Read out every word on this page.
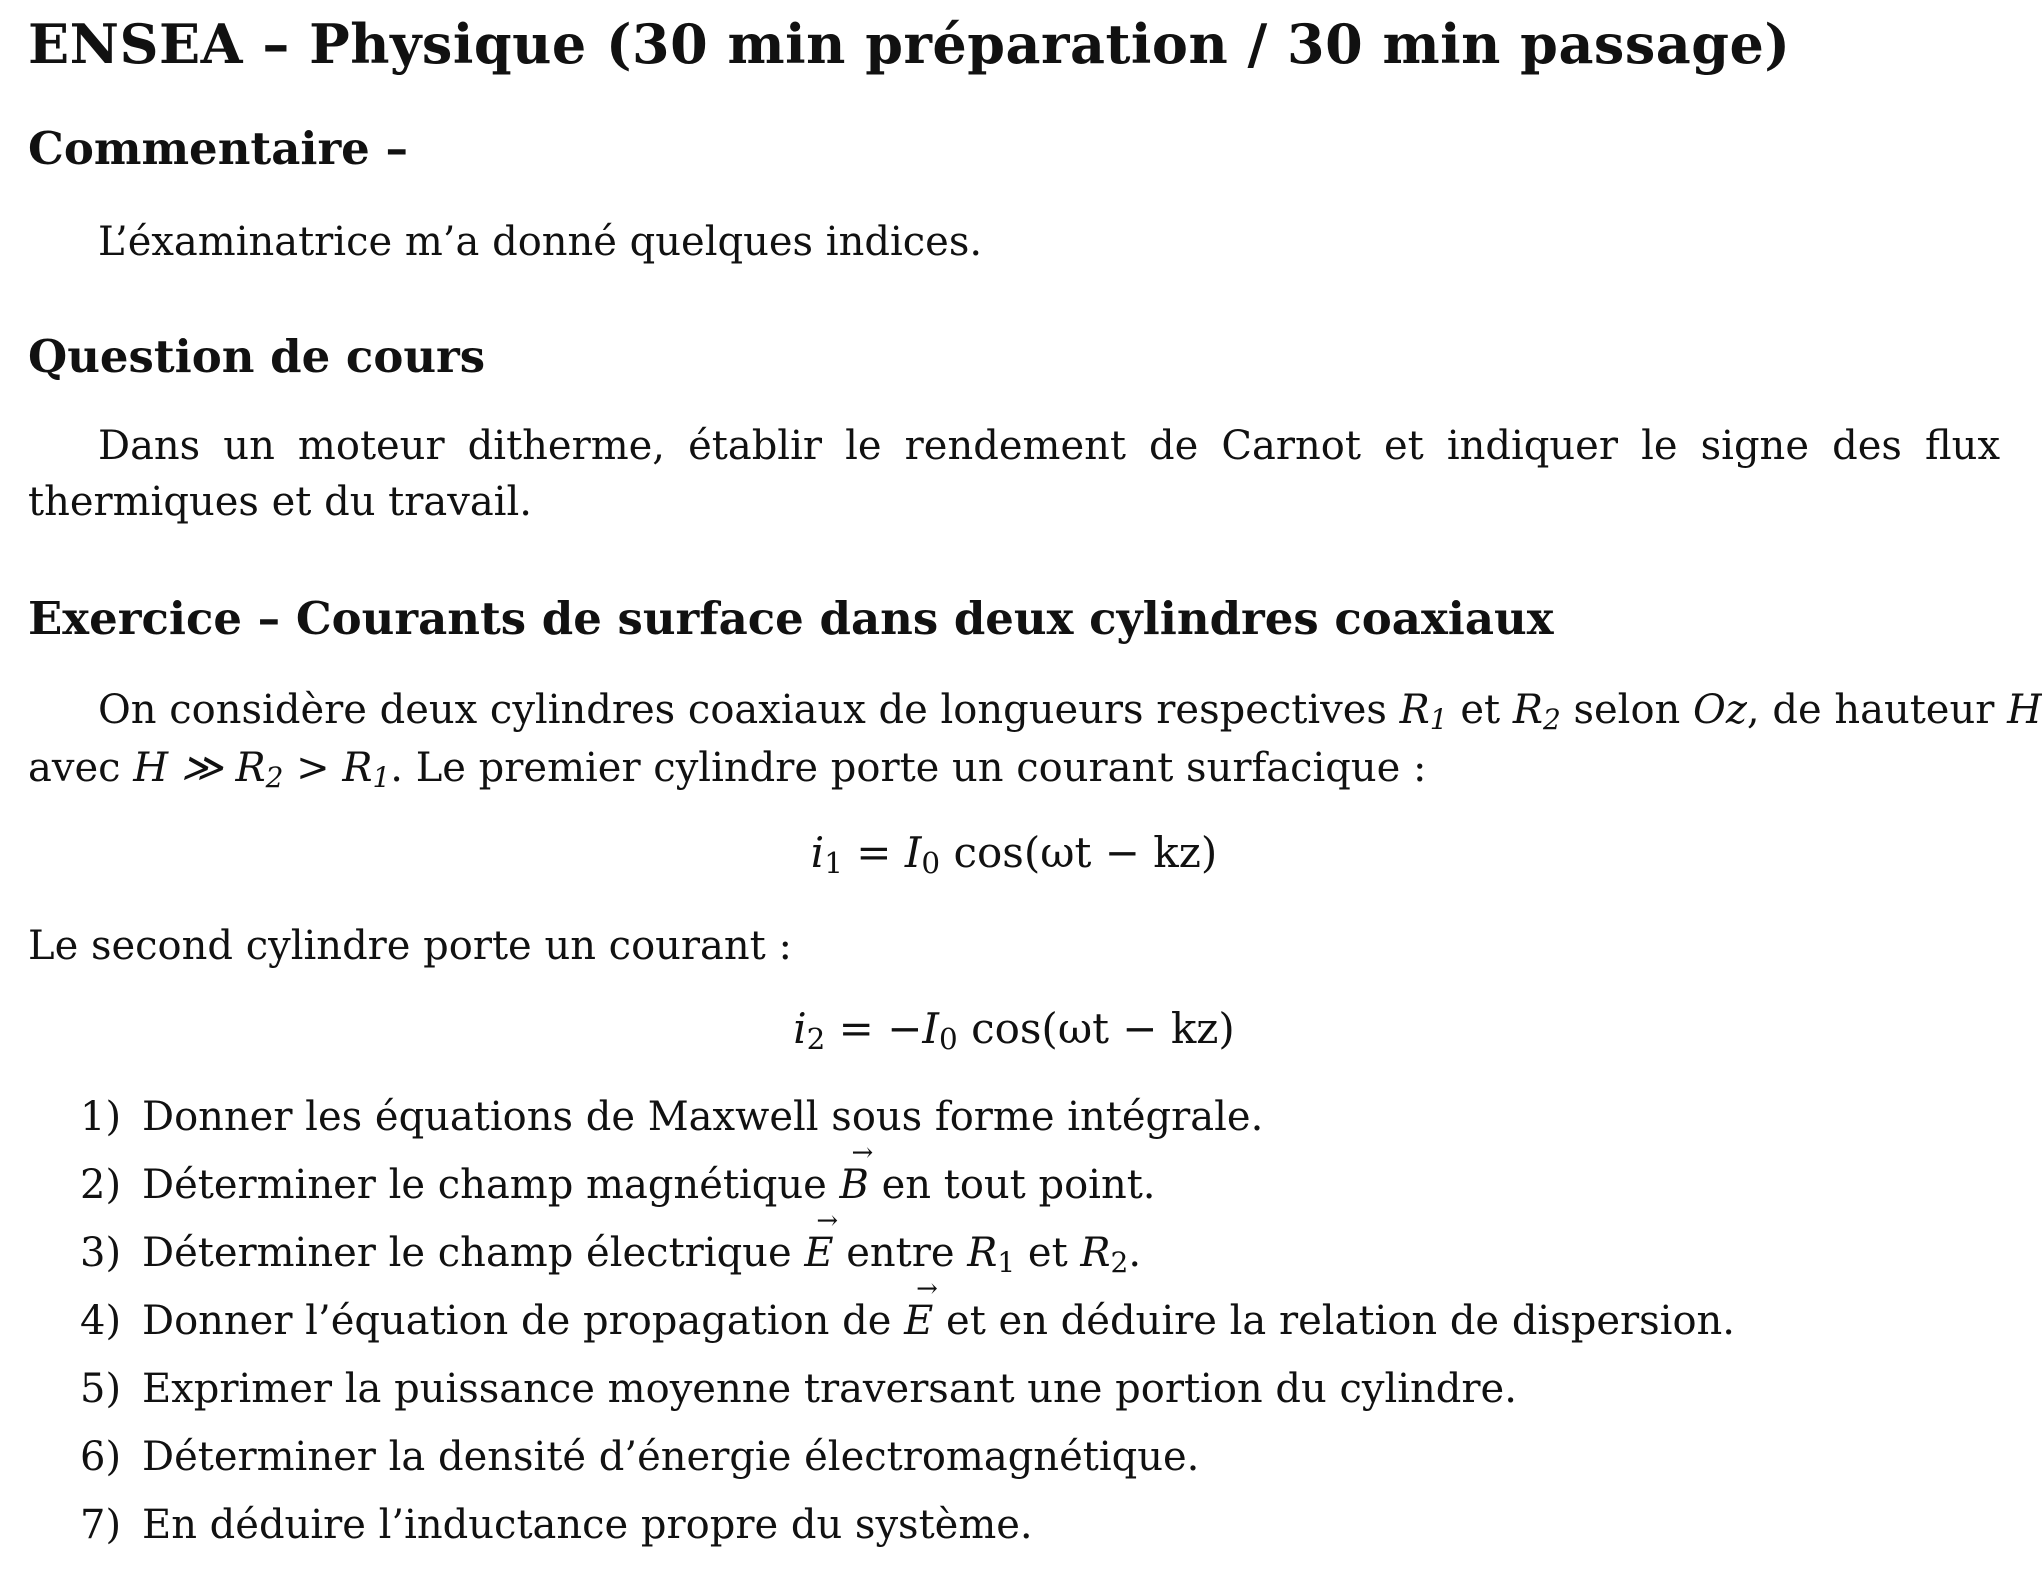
ENSEA – Physique (30 min préparation / 30 min passage)
Commentaire –
L’éxaminatrice m’a donné quelques indices.
Question de cours
Dans un moteur ditherme, établir le rendement de Carnot et indiquer le signe des flux thermiques et du travail.
Exercice – Courants de surface dans deux cylindres coaxiaux
On considère deux cylindres coaxiaux de longueurs respectives $R_1$ et $R_2$ selon Oz, de hauteur H
avec H ≫ $R_2 > R_1$. Le premier cylindre porte un courant surfacique :
$i_1 = I_0$ cos(ωt − kz)
Le second cylindre porte un courant :
$i_2 = -I_0$ cos(ωt − kz)
1) Donner les équations de Maxwell sous forme intégrale.
2) Déterminer le champ magnétique → B en tout point.
3) Déterminer le champ électrique → E entre $R_1$ et $R_2$.
4) Donner l’équation de propagation de → E et en déduire la relation de dispersion.
5) Exprimer la puissance moyenne traversant une portion du cylindre.
6) Déterminer la densité d’énergie électromagnétique.
7) En déduire l’inductance propre du système.
